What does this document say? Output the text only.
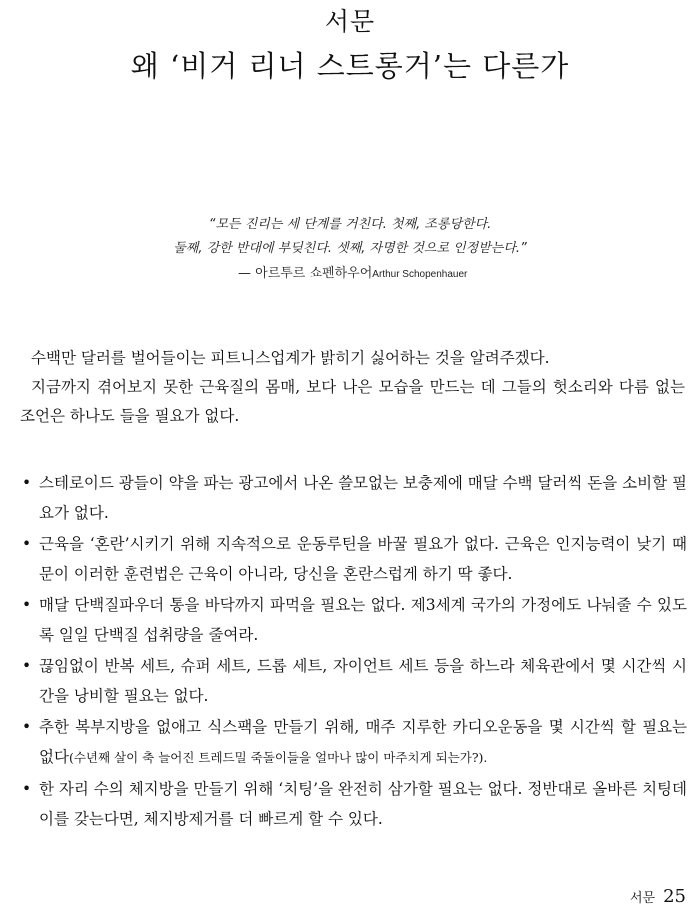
서문
왜 ‘비거 리너 스트롱거’는 다른가
“모든 진리는 세 단계를 거친다. 첫째, 조롱당한다.
둘째, 강한 반대에 부딪친다. 셋째, 자명한 것으로 인정받는다.”
— 아르투르 쇼펜하우어Arthur Schopenhauer

수백만 달러를 벌어들이는 피트니스업계가 밝히기 싫어하는 것을 알려주겠다.

지금까지 겪어보지 못한 근육질의 몸매, 보다 나은 모습을 만드는 데 그들의 헛소리와 다름 없는 조언은 하나도 들을 필요가 없다.

• 스테로이드 광들이 약을 파는 광고에서 나온 쓸모없는 보충제에 매달 수백 달러씩 돈을 소비할 필요가 없다.
• 근육을 ‘혼란’시키기 위해 지속적으로 운동루틴을 바꿀 필요가 없다. 근육은 인지능력이 낮기 때문이 이러한 훈련법은 근육이 아니라, 당신을 혼란스럽게 하기 딱 좋다.
• 매달 단백질파우더 통을 바닥까지 파먹을 필요는 없다. 제3세계 국가의 가정에도 나눠줄 수 있도록 일일 단백질 섭취량을 줄여라.
• 끊임없이 반복 세트, 슈퍼 세트, 드롭 세트, 자이언트 세트 등을 하느라 체육관에서 몇 시간씩 시간을 낭비할 필요는 없다.
• 추한 복부지방을 없애고 식스팩을 만들기 위해, 매주 지루한 카디오운동을 몇 시간씩 할 필요는 없다(수년째 살이 축 늘어진 트레드밀 죽돌이들을 얼마나 많이 마주치게 되는가?).
• 한 자리 수의 체지방을 만들기 위해 ‘치팅’을 완전히 삼가할 필요는 없다. 정반대로 올바른 치팅데이를 갖는다면, 체지방제거를 더 빠르게 할 수 있다.
서문 25
